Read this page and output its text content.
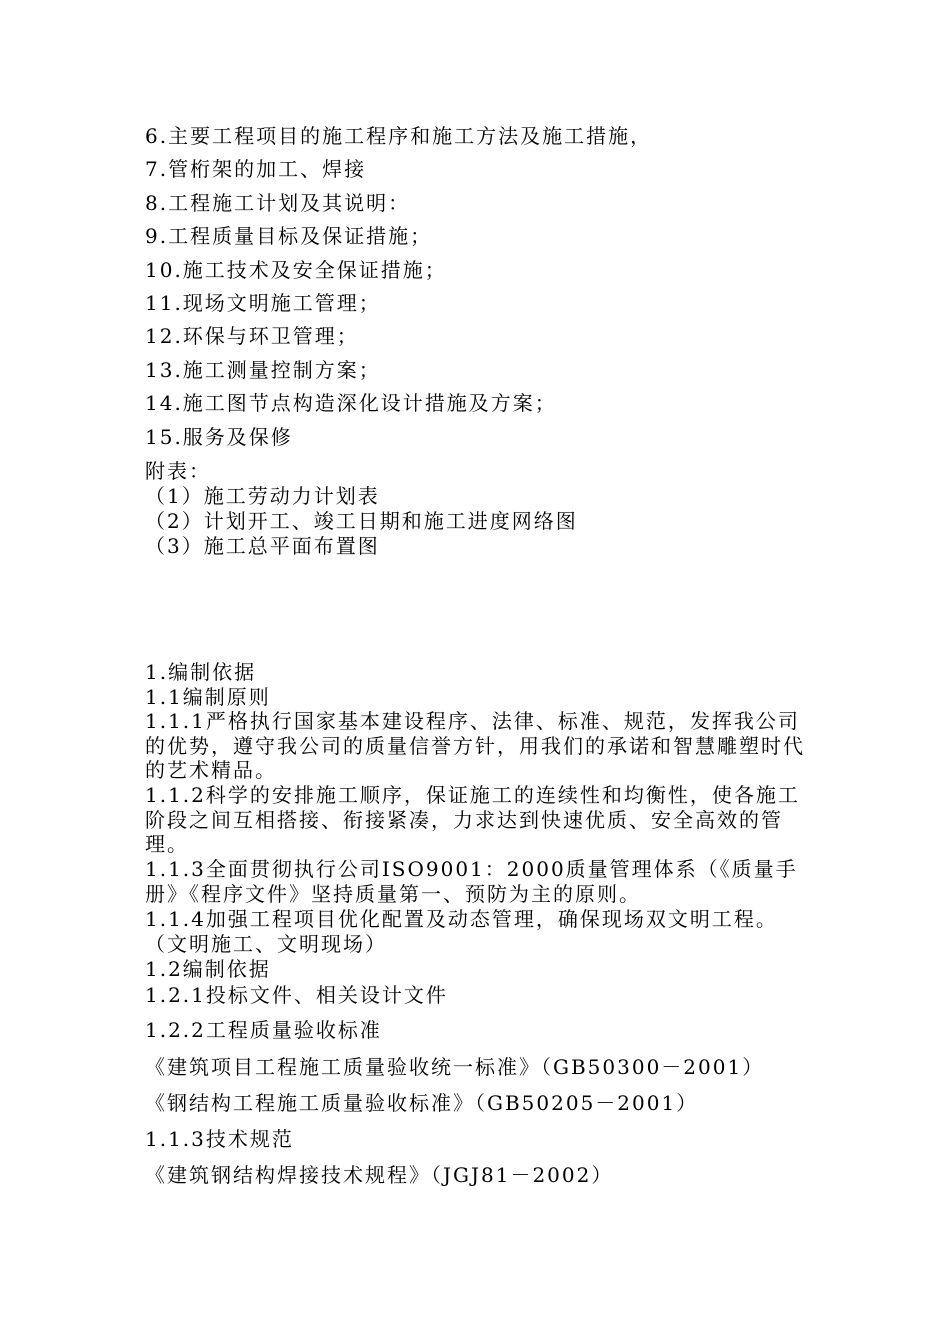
6.主要工程项目的施工程序和施工方法及施工措施，
7.管桁架的加工、焊接
8.工程施工计划及其说明：
9.工程质量目标及保证措施；
10.施工技术及安全保证措施；
11.现场文明施工管理；
12.环保与环卫管理；
13.施工测量控制方案；
14.施工图节点构造深化设计措施及方案；
15.服务及保修
附表：
（1）施工劳动力计划表
（2）计划开工、竣工日期和施工进度网络图
（3）施工总平面布置图
1.编制依据
1.1编制原则
1.1.1严格执行国家基本建设程序、法律、标准、规范，发挥我公司的优势，遵守我公司的质量信誉方针，用我们的承诺和智慧雕塑时代的艺术精品。
1.1.2科学的安排施工顺序，保证施工的连续性和均衡性，使各施工阶段之间互相搭接、衔接紧凑，力求达到快速优质、安全高效的管理。
1.1.3全面贯彻执行公司ISO9001：2000质量管理体系（《质量手册》《程序文件》坚持质量第一、预防为主的原则。
1.1.4加强工程项目优化配置及动态管理，确保现场双文明工程。（文明施工、文明现场）
1.2编制依据
1.2.1投标文件、相关设计文件
1.2.2工程质量验收标准
《建筑项目工程施工质量验收统一标准》（GB50300－2001）
《钢结构工程施工质量验收标准》（GB50205－2001）
1.1.3技术规范
《建筑钢结构焊接技术规程》（JGJ81－2002）
